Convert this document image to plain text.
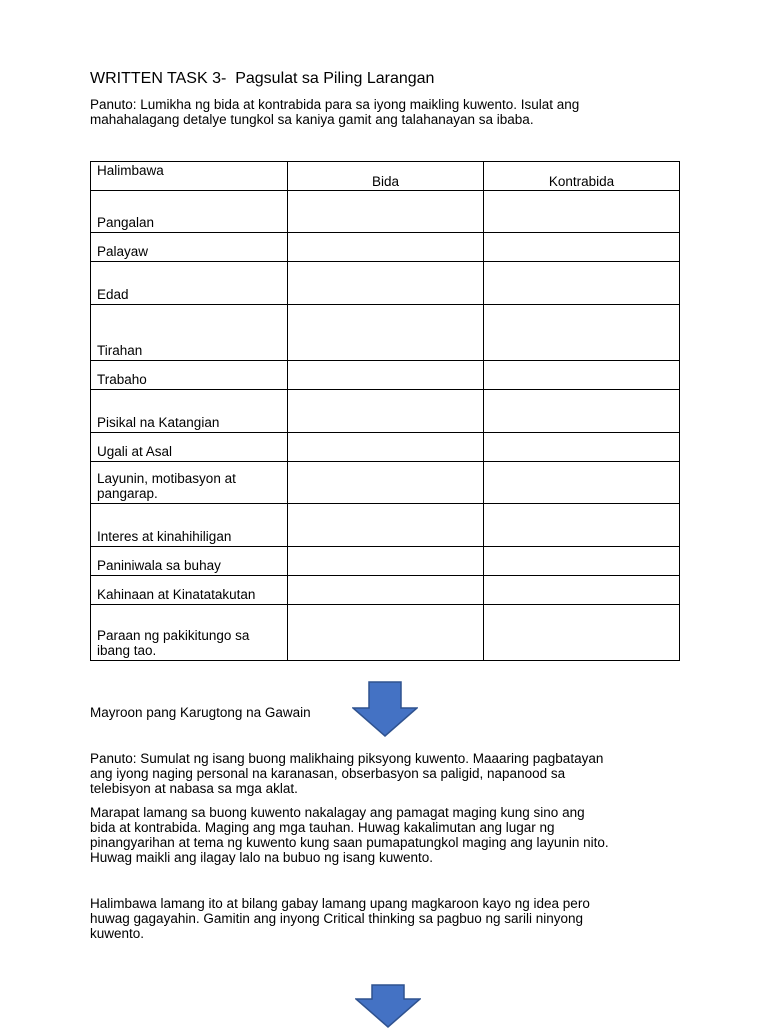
WRITTEN TASK 3-  Pagsulat sa Piling Larangan
Panuto: Lumikha ng bida at kontrabida para sa iyong maikling kuwento. Isulat ang
mahahalagang detalye tungkol sa kaniya gamit ang talahanayan sa ibaba.
Halimbawa	Bida	Kontrabida
Pangalan		
Palayaw		
Edad		
Tirahan		
Trabaho		
Pisikal na Katangian		
Ugali at Asal		
Layunin, motibasyon at
pangarap.		
Interes at kinahihiligan		
Paniniwala sa buhay		
Kahinaan at Kinatatakutan		
Paraan ng pakikitungo sa
ibang tao.		
Mayroon pang Karugtong na Gawain
Panuto: Sumulat ng isang buong malikhaing piksyong kuwento. Maaaring pagbatayan
ang iyong naging personal na karanasan, obserbasyon sa paligid, napanood sa
telebisyon at nabasa sa mga aklat.
Marapat lamang sa buong kuwento nakalagay ang pamagat maging kung sino ang
bida at kontrabida. Maging ang mga tauhan. Huwag kakalimutan ang lugar ng
pinangyarihan at tema ng kuwento kung saan pumapatungkol maging ang layunin nito.
Huwag maikli ang ilagay lalo na bubuo ng isang kuwento.
Halimbawa lamang ito at bilang gabay lamang upang magkaroon kayo ng idea pero
huwag gagayahin. Gamitin ang inyong Critical thinking sa pagbuo ng sarili ninyong
kuwento.
